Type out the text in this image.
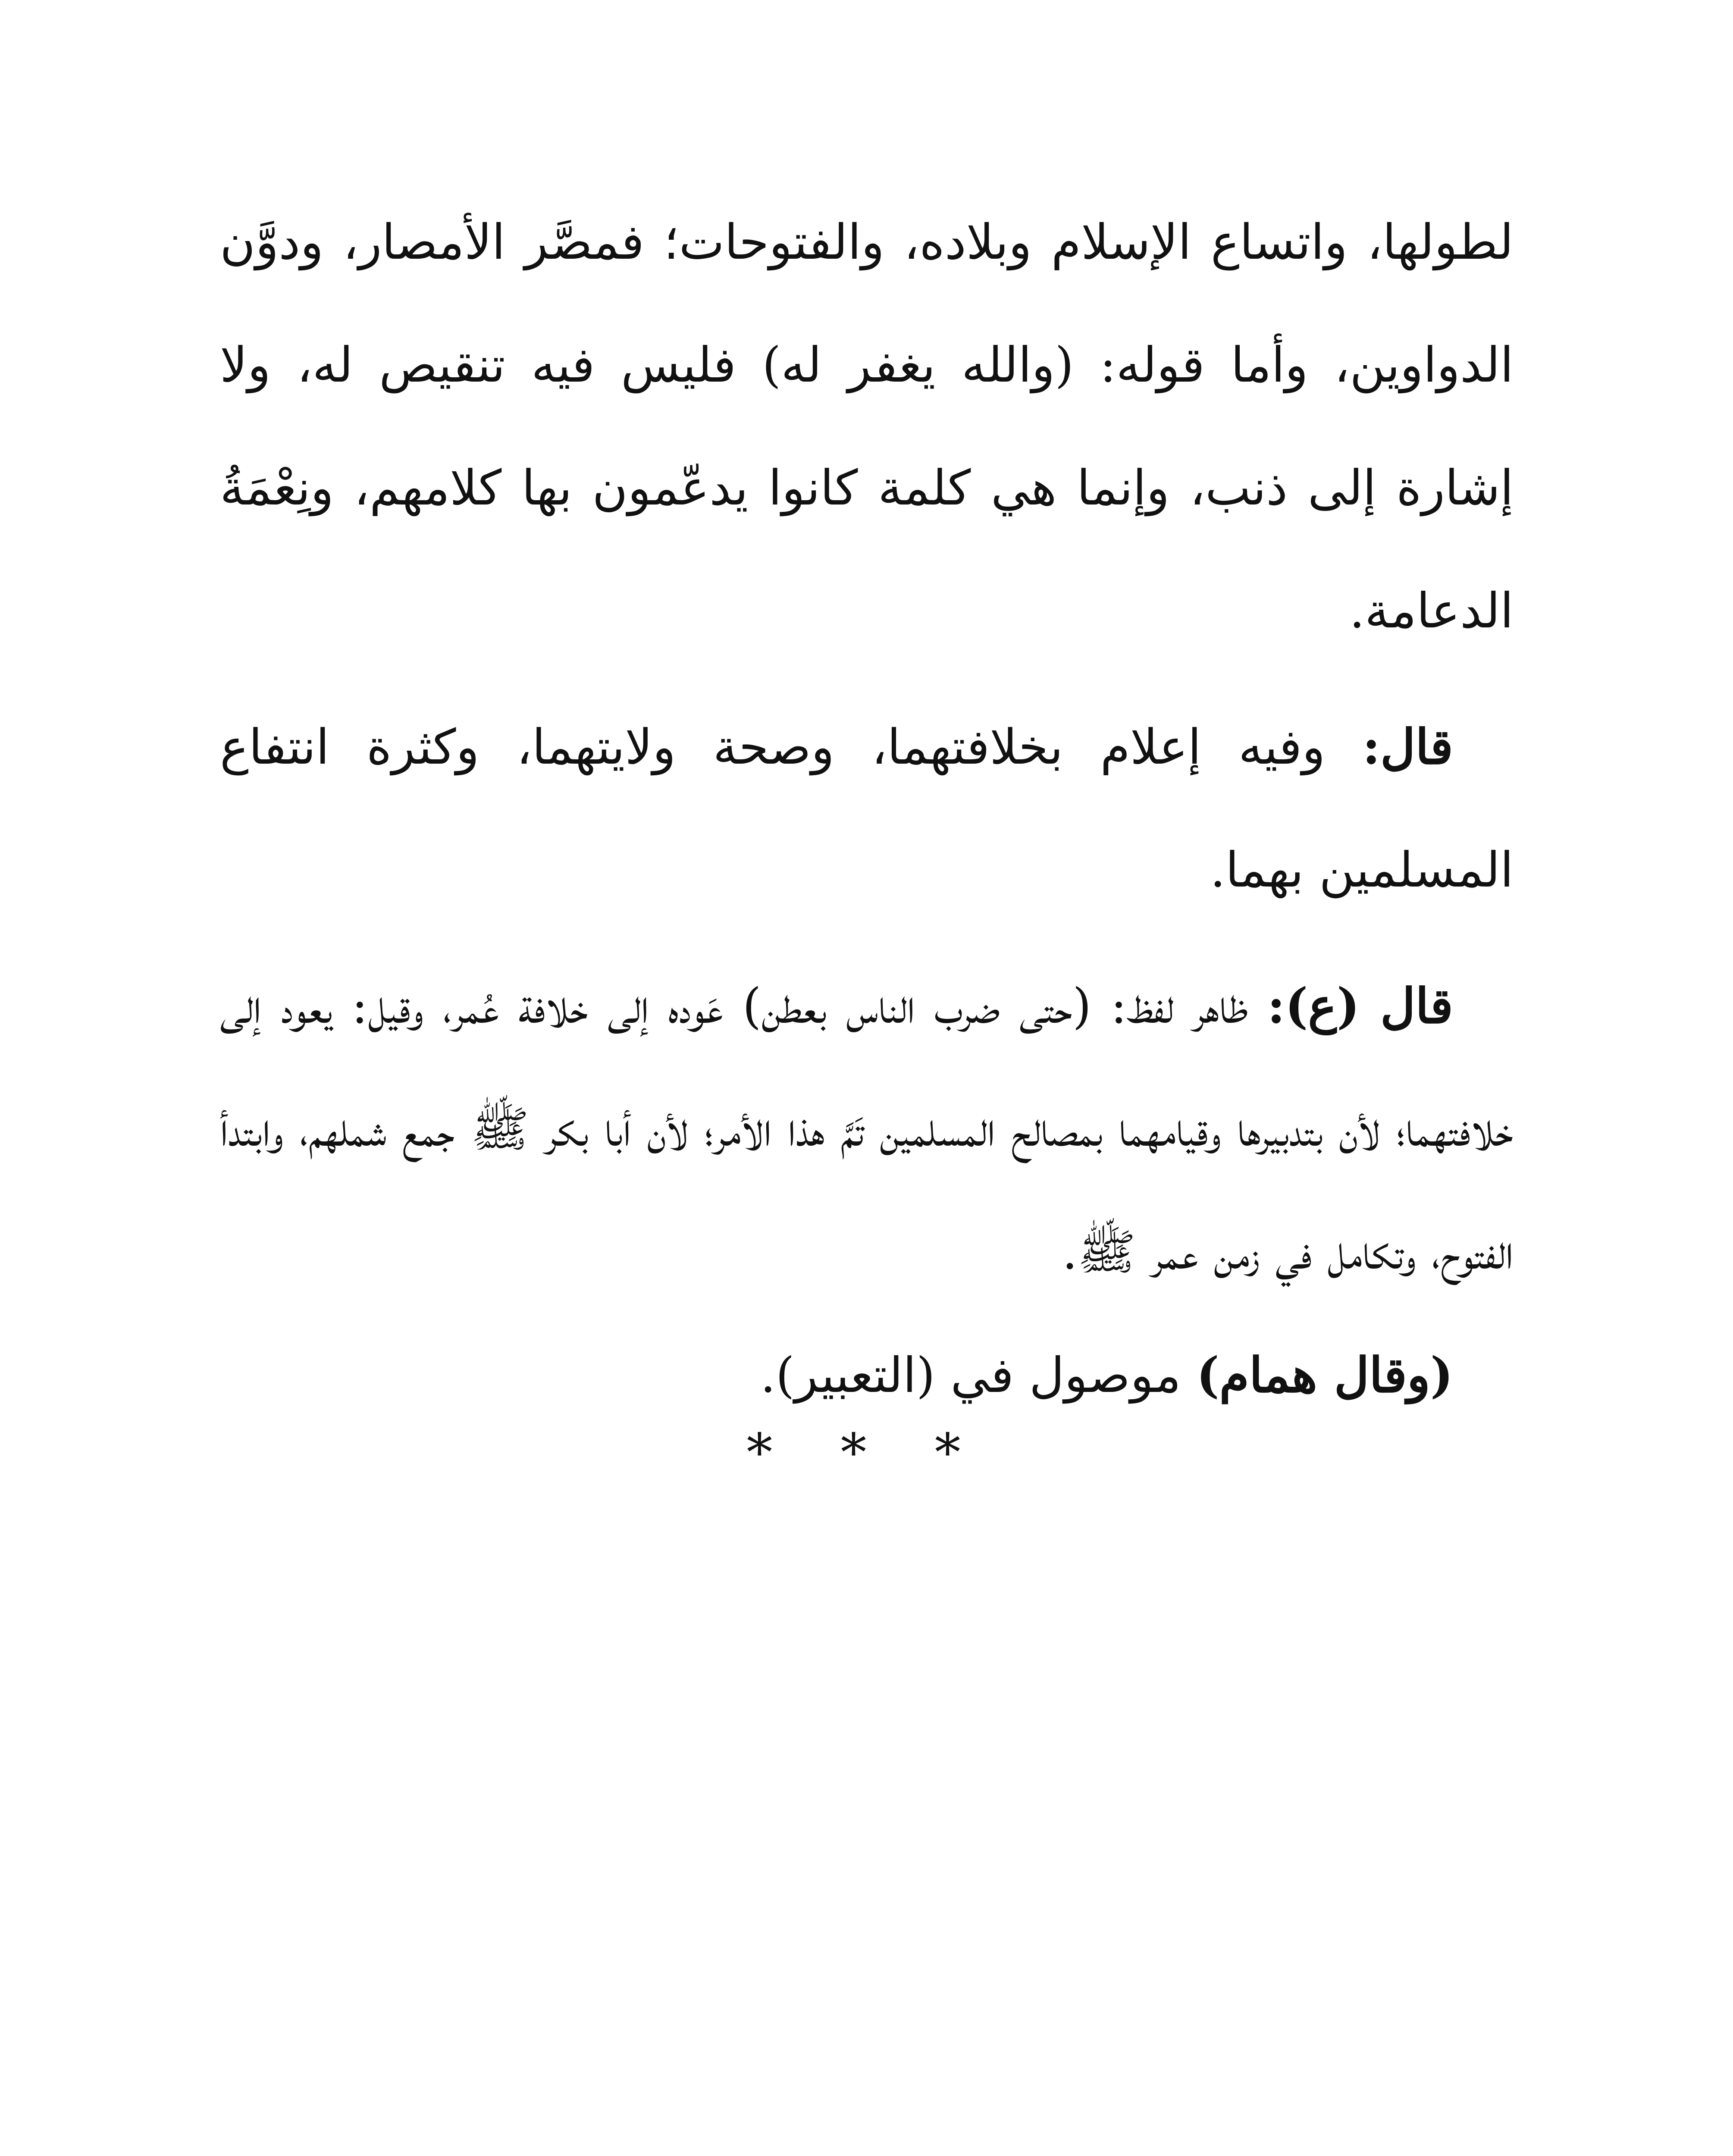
لطولها، واتساع الإسلام وبلاده، والفتوحات؛ فمصَّر الأمصار، ودوَّن الدواوين، وأما قوله: (والله يغفر له) فليس فيه تنقيص له، ولا إشارة إلى ذنب، وإنما هي كلمة كانوا يدعّمون بها كلامهم، ونِعْمَةُ الدعامة.

قال: وفيه إعلام بخلافتهما، وصحة ولايتهما، وكثرة انتفاع المسلمين بهما.

قال (ع): ظاهر لفظ: (حتى ضرب الناس بعطن) عَوده إلى خلافة عُمر، وقيل: يعود إلى خلافتهما؛ لأن بتدبيرها وقيامهما بمصالح المسلمين تَمَّ هذا الأمر؛ لأن أبا بكر ﷺ جمع شملهم، وابتدأ الفتوح، وتكامل في زمن عمر ﷺ.

(وقال همام) موصول في (التعبير).

* * *
